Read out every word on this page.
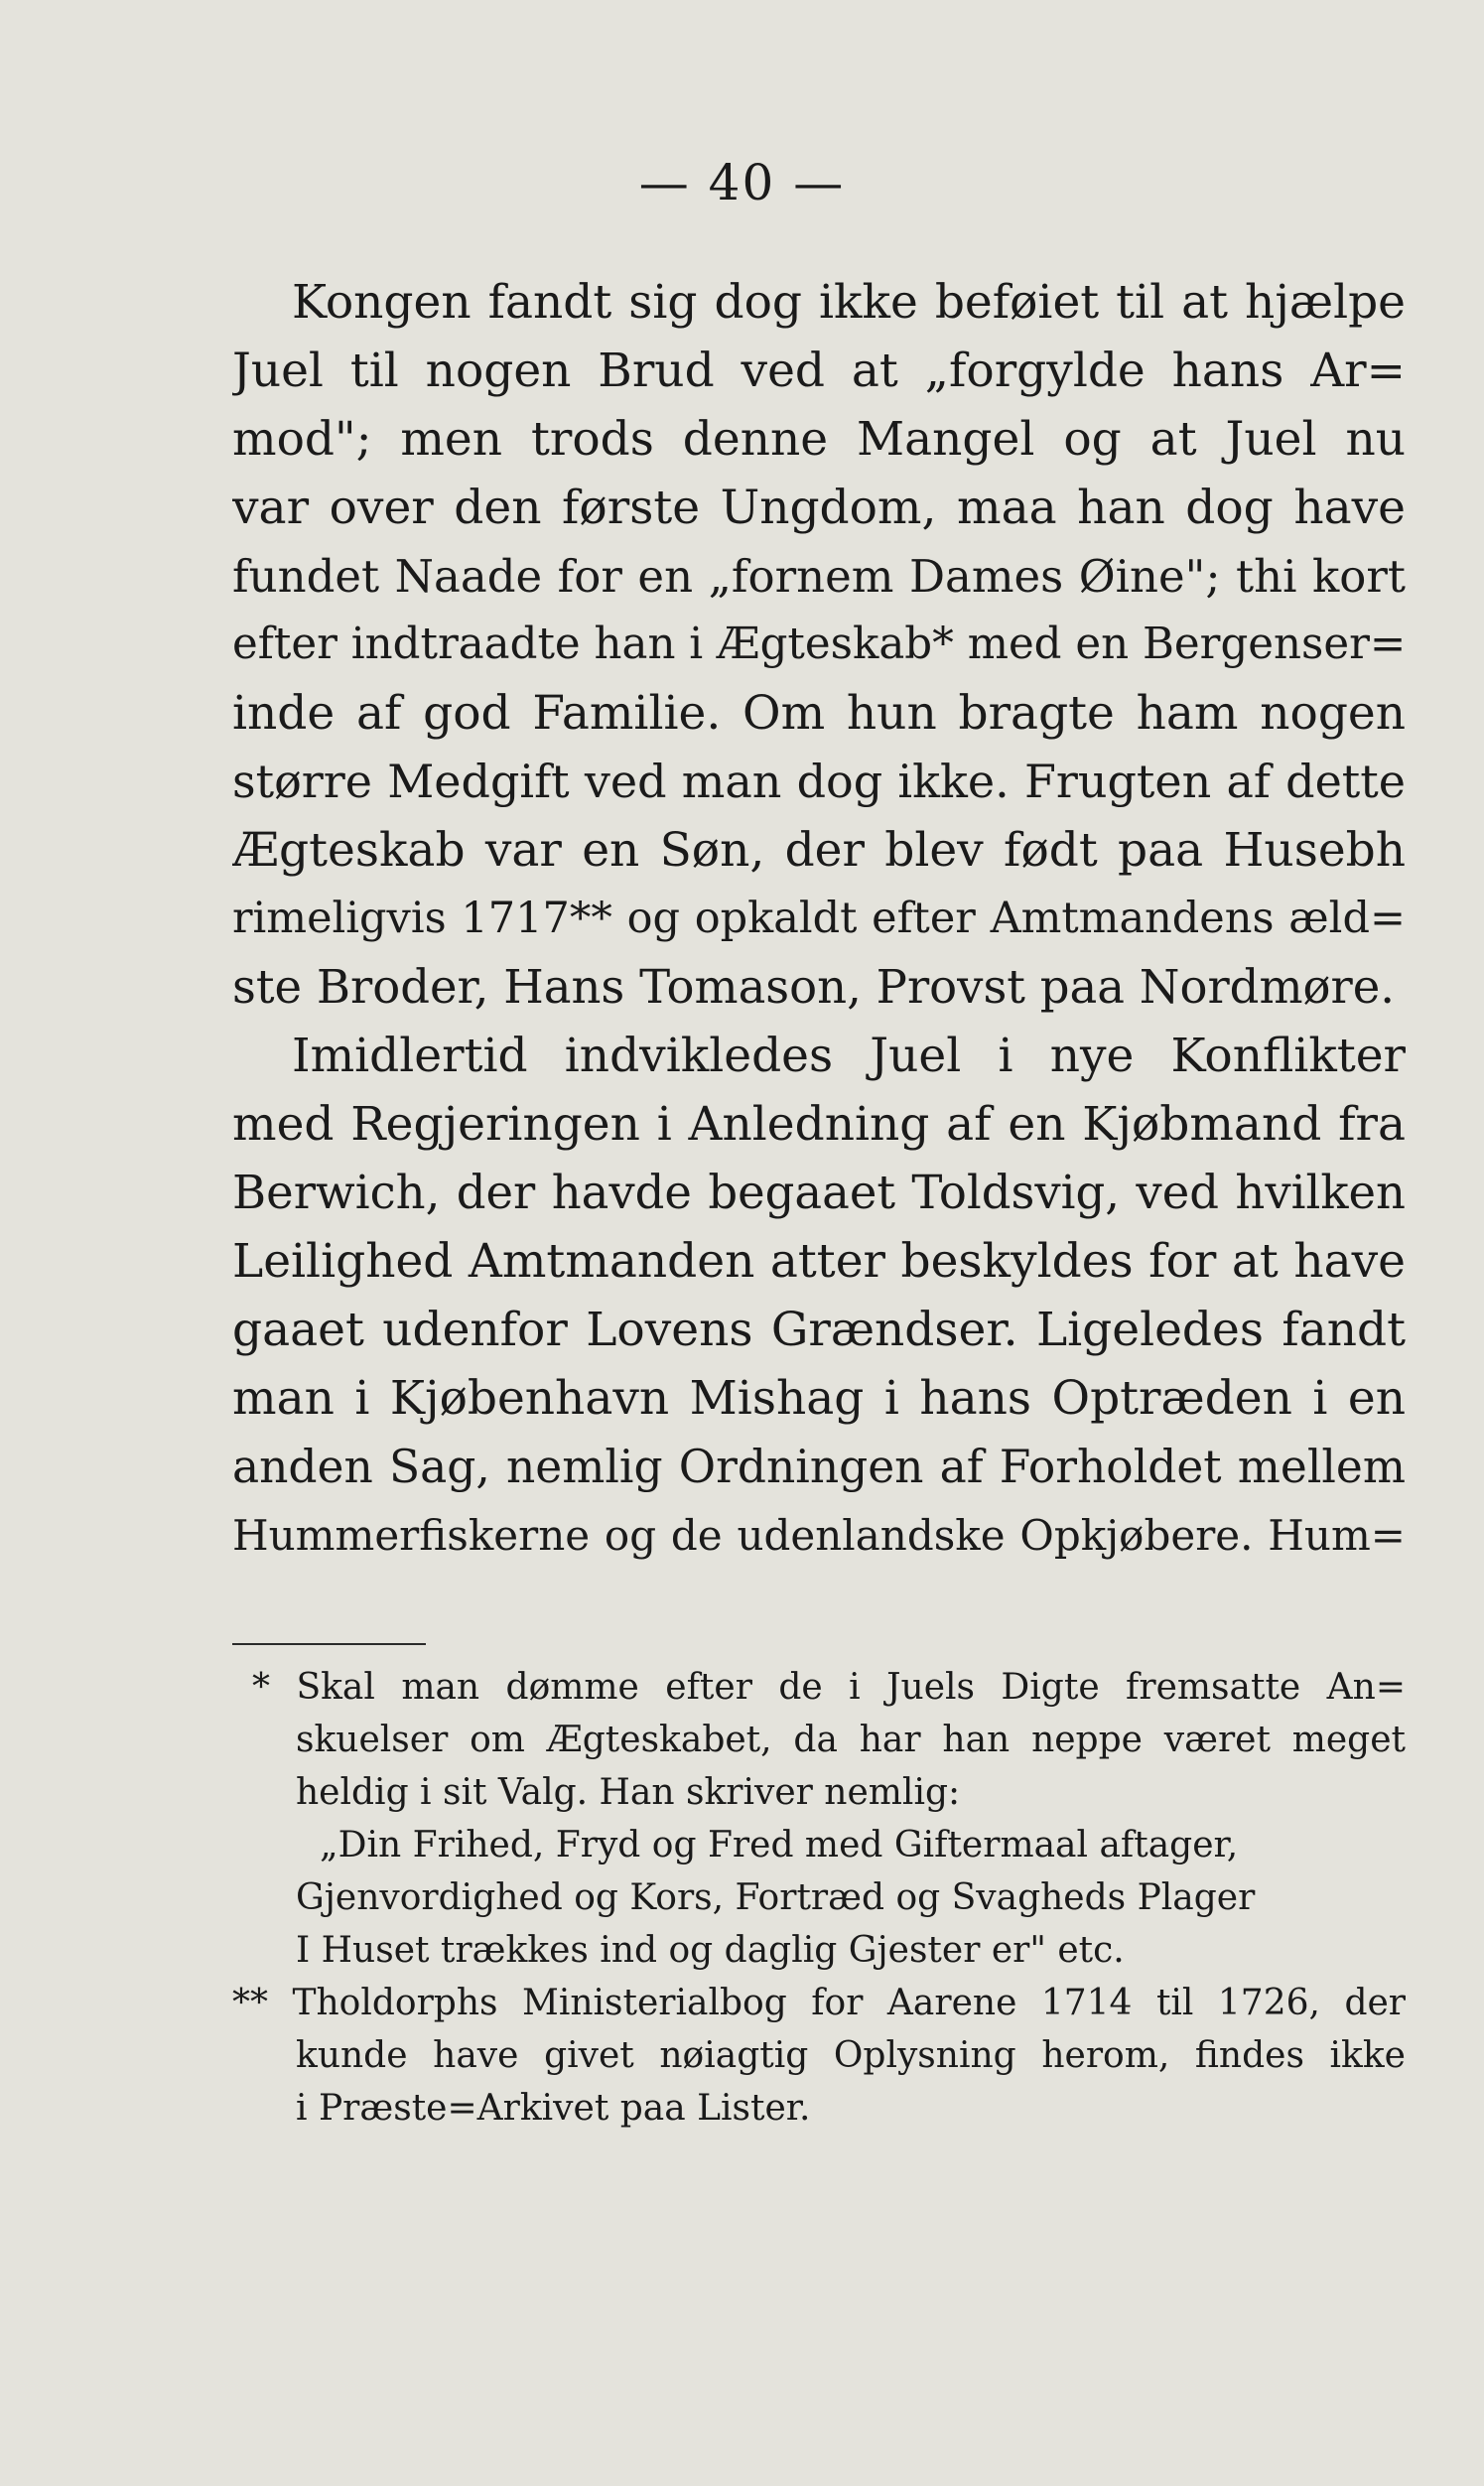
— 40 —
Kongen fandt sig dog ikke beføiet til at hjælpe
Juel til nogen Brud ved at „forgylde hans Ar=
mod"; men trods denne Mangel og at Juel nu
var over den første Ungdom, maa han dog have
fundet Naade for en „fornem Dames Øine"; thi kort
efter indtraadte han i Ægteskab* med en Bergenser=
inde af god Familie. Om hun bragte ham nogen
større Medgift ved man dog ikke. Frugten af dette
Ægteskab var en Søn, der blev født paa Husebh
rimeligvis 1717** og opkaldt efter Amtmandens æld=
ste Broder, Hans Tomason, Provst paa Nordmøre.
Imidlertid indvikledes Juel i nye Konflikter
med Regjeringen i Anledning af en Kjøbmand fra
Berwich, der havde begaaet Toldsvig, ved hvilken
Leilighed Amtmanden atter beskyldes for at have
gaaet udenfor Lovens Grændser. Ligeledes fandt
man i Kjøbenhavn Mishag i hans Optræden i en
anden Sag, nemlig Ordningen af Forholdet mellem
Hummerfiskerne og de udenlandske Opkjøbere. Hum=
* Skal man dømme efter de i Juels Digte fremsatte An=
skuelser om Ægteskabet, da har han neppe været meget
heldig i sit Valg. Han skriver nemlig:
„Din Frihed, Fryd og Fred med Giftermaal aftager,
Gjenvordighed og Kors, Fortræd og Svagheds Plager
I Huset trækkes ind og daglig Gjester er" etc.
** Tholdorphs Ministerialbog for Aarene 1714 til 1726, der
kunde have givet nøiagtig Oplysning herom, findes ikke
i Præste=Arkivet paa Lister.
